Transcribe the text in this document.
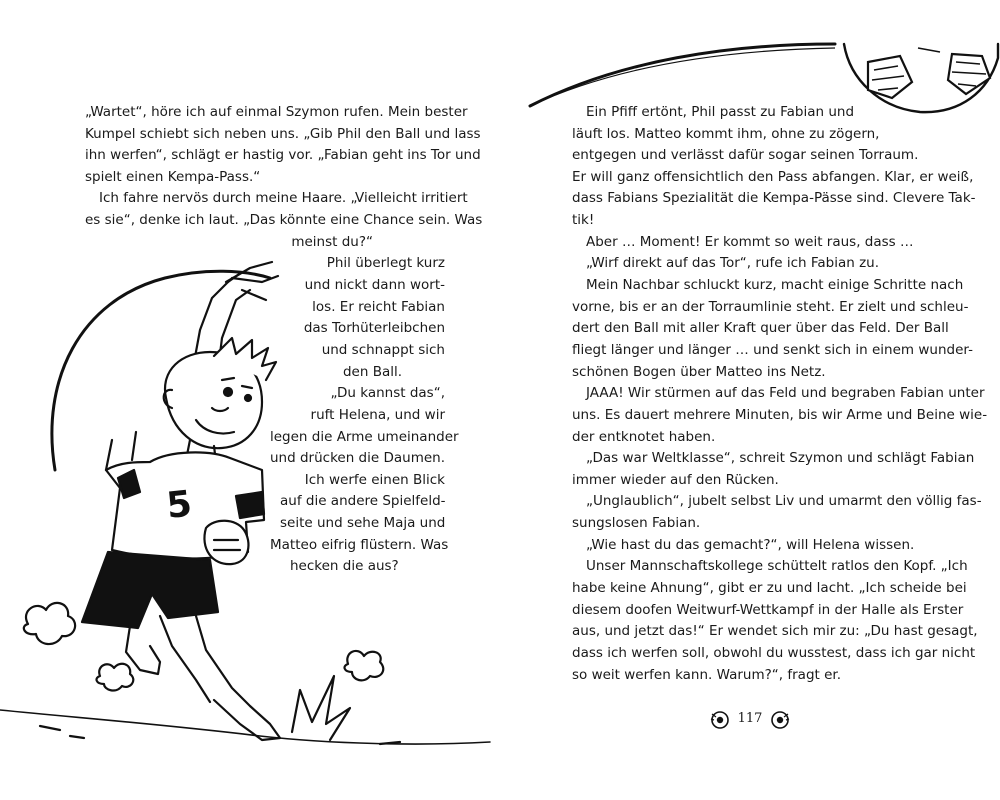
5
„Wartet“, höre ich auf einmal Szymon rufen. Mein bester
Kumpel schiebt sich neben uns. „Gib Phil den Ball und lass
ihn werfen“, schlägt er hastig vor. „Fabian geht ins Tor und
spielt einen Kempa-Pass.“
Ich fahre nervös durch meine Haare. „Vielleicht irritiert
es sie“, denke ich laut. „Das könnte eine Chance sein. Was
meinst du?“
Phil überlegt kurz
und nickt dann wort-
los. Er reicht Fabian
das Torhüterleibchen
und schnappt sich
den Ball.
„Du kannst das“,
ruft Helena, und wir
legen die Arme umeinander
und drücken die Daumen.
Ich werfe einen Blick
auf die andere Spielfeld-
seite und sehe Maja und
Matteo eifrig flüstern. Was
hecken die aus?
Ein Pfiff ertönt, Phil passt zu Fabian und
läuft los. Matteo kommt ihm, ohne zu zögern,
entgegen und verlässt dafür sogar seinen Torraum.
Er will ganz offensichtlich den Pass abfangen. Klar, er weiß,
dass Fabians Spezialität die Kempa-Pässe sind. Clevere Tak-
tik!
Aber … Moment! Er kommt so weit raus, dass …
„Wirf direkt auf das Tor“, rufe ich Fabian zu.
Mein Nachbar schluckt kurz, macht einige Schritte nach
vorne, bis er an der Torraumlinie steht. Er zielt und schleu-
dert den Ball mit aller Kraft quer über das Feld. Der Ball
fliegt länger und länger … und senkt sich in einem wunder-
schönen Bogen über Matteo ins Netz.
JAAA! Wir stürmen auf das Feld und begraben Fabian unter
uns. Es dauert mehrere Minuten, bis wir Arme und Beine wie-
der entknotet haben.
„Das war Weltklasse“, schreit Szymon und schlägt Fabian
immer wieder auf den Rücken.
„Unglaublich“, jubelt selbst Liv und umarmt den völlig fas-
sungslosen Fabian.
„Wie hast du das gemacht?“, will Helena wissen.
Unser Mannschaftskollege schüttelt ratlos den Kopf. „Ich
habe keine Ahnung“, gibt er zu und lacht. „Ich scheide bei
diesem doofen Weitwurf-Wettkampf in der Halle als Erster
aus, und jetzt das!“ Er wendet sich mir zu: „Du hast gesagt,
dass ich werfen soll, obwohl du wusstest, dass ich gar nicht
so weit werfen kann. Warum?“, fragt er.
117
